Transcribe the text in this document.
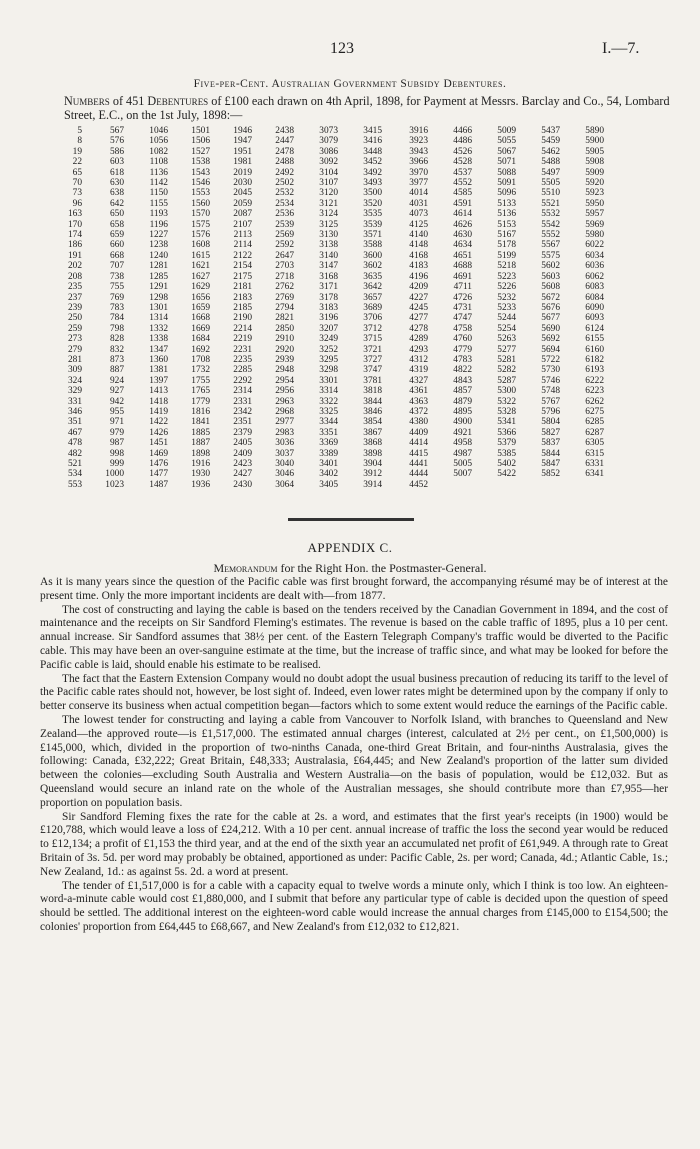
123	I.—7.
Five-per-Cent. Australian Government Subsidy Debentures.
Numbers of 451 Debentures of £100 each drawn on 4th April, 1898, for Payment at Messrs. Barclay and Co., 54, Lombard Street, E.C., on the 1st July, 1898:—
5	567	1046	1501	1946	2438	3073	3415	3916	4466	5009	5437	5890
8	576	1056	1506	1947	2447	3079	3416	3923	4486	5055	5459	5900
19	586	1082	1527	1951	2478	3086	3448	3943	4526	5067	5462	5905
22	603	1108	1538	1981	2488	3092	3452	3966	4528	5071	5488	5908
65	618	1136	1543	2019	2492	3104	3492	3970	4537	5088	5497	5909
70	630	1142	1546	2030	2502	3107	3493	3977	4552	5091	5505	5920
73	638	1150	1553	2045	2532	3120	3500	4014	4585	5096	5510	5923
96	642	1155	1560	2059	2534	3121	3520	4031	4591	5133	5521	5950
163	650	1193	1570	2087	2536	3124	3535	4073	4614	5136	5532	5957
170	658	1196	1575	2107	2539	3125	3539	4125	4626	5153	5542	5969
174	659	1227	1576	2113	2569	3130	3571	4140	4630	5167	5552	5980
186	660	1238	1608	2114	2592	3138	3588	4148	4634	5178	5567	6022
191	668	1240	1615	2122	2647	3140	3600	4168	4651	5199	5575	6034
202	707	1281	1621	2154	2703	3147	3602	4183	4688	5218	5602	6036
208	738	1285	1627	2175	2718	3168	3635	4196	4691	5223	5603	6062
235	755	1291	1629	2181	2762	3171	3642	4209	4711	5226	5608	6083
237	769	1298	1656	2183	2769	3178	3657	4227	4726	5232	5672	6084
239	783	1301	1659	2185	2794	3183	3689	4245	4731	5233	5676	6090
250	784	1314	1668	2190	2821	3196	3706	4277	4747	5244	5677	6093
259	798	1332	1669	2214	2850	3207	3712	4278	4758	5254	5690	6124
273	828	1338	1684	2219	2910	3249	3715	4289	4760	5263	5692	6155
279	832	1347	1692	2231	2920	3252	3721	4293	4779	5277	5694	6160
281	873	1360	1708	2235	2939	3295	3727	4312	4783	5281	5722	6182
309	887	1381	1732	2285	2948	3298	3747	4319	4822	5282	5730	6193
324	924	1397	1755	2292	2954	3301	3781	4327	4843	5287	5746	6222
329	927	1413	1765	2314	2956	3314	3818	4361	4857	5300	5748	6223
331	942	1418	1779	2331	2963	3322	3844	4363	4879	5322	5767	6262
346	955	1419	1816	2342	2968	3325	3846	4372	4895	5328	5796	6275
351	971	1422	1841	2351	2977	3344	3854	4380	4900	5341	5804	6285
467	979	1426	1885	2379	2983	3351	3867	4409	4921	5366	5827	6287
478	987	1451	1887	2405	3036	3369	3868	4414	4958	5379	5837	6305
482	998	1469	1898	2409	3037	3389	3898	4415	4987	5385	5844	6315
521	999	1476	1916	2423	3040	3401	3904	4441	5005	5402	5847	6331
534	1000	1477	1930	2427	3046	3402	3912	4444	5007	5422	5852	6341
553	1023	1487	1936	2430	3064	3405	3914	4452				
APPENDIX C.
Memorandum for the Right Hon. the Postmaster-General.

As it is many years since the question of the Pacific cable was first brought forward, the accompanying résumé may be of interest at the present time. Only the more important incidents are dealt with—from 1877.

The cost of constructing and laying the cable is based on the tenders received by the Canadian Government in 1894, and the cost of maintenance and the receipts on Sir Sandford Fleming's estimates. The revenue is based on the cable traffic of 1895, plus a 10 per cent. annual increase. Sir Sandford assumes that 38½ per cent. of the Eastern Telegraph Company's traffic would be diverted to the Pacific cable. This may have been an over-sanguine estimate at the time, but the increase of traffic since, and what may be looked for before the Pacific cable is laid, should enable his estimate to be realised.

The fact that the Eastern Extension Company would no doubt adopt the usual business precaution of reducing its tariff to the level of the Pacific cable rates should not, however, be lost sight of. Indeed, even lower rates might be determined upon by the company if only to better conserve its business when actual competition began—factors which to some extent would reduce the earnings of the Pacific cable.

The lowest tender for constructing and laying a cable from Vancouver to Norfolk Island, with branches to Queensland and New Zealand—the approved route—is £1,517,000. The estimated annual charges (interest, calculated at 2½ per cent., on £1,500,000) is £145,000, which, divided in the proportion of two-ninths Canada, one-third Great Britain, and four-ninths Australasia, gives the following: Canada, £32,222; Great Britain, £48,333; Australasia, £64,445; and New Zealand's proportion of the latter sum divided between the colonies—excluding South Australia and Western Australia—on the basis of population, would be £12,032. But as Queensland would secure an inland rate on the whole of the Australian messages, she should contribute more than £7,955—her proportion on population basis.

Sir Sandford Fleming fixes the rate for the cable at 2s. a word, and estimates that the first year's receipts (in 1900) would be £120,788, which would leave a loss of £24,212. With a 10 per cent. annual increase of traffic the loss the second year would be reduced to £12,134; a profit of £1,153 the third year, and at the end of the sixth year an accumulated net profit of £61,949. A through rate to Great Britain of 3s. 5d. per word may probably be obtained, apportioned as under: Pacific Cable, 2s. per word; Canada, 4d.; Atlantic Cable, 1s.; New Zealand, 1d.: as against 5s. 2d. a word at present.

The tender of £1,517,000 is for a cable with a capacity equal to twelve words a minute only, which I think is too low. An eighteen-word-a-minute cable would cost £1,880,000, and I submit that before any particular type of cable is decided upon the question of speed should be settled. The additional interest on the eighteen-word cable would increase the annual charges from £145,000 to £154,500; the colonies' proportion from £64,445 to £68,667, and New Zealand's from £12,032 to £12,821.
